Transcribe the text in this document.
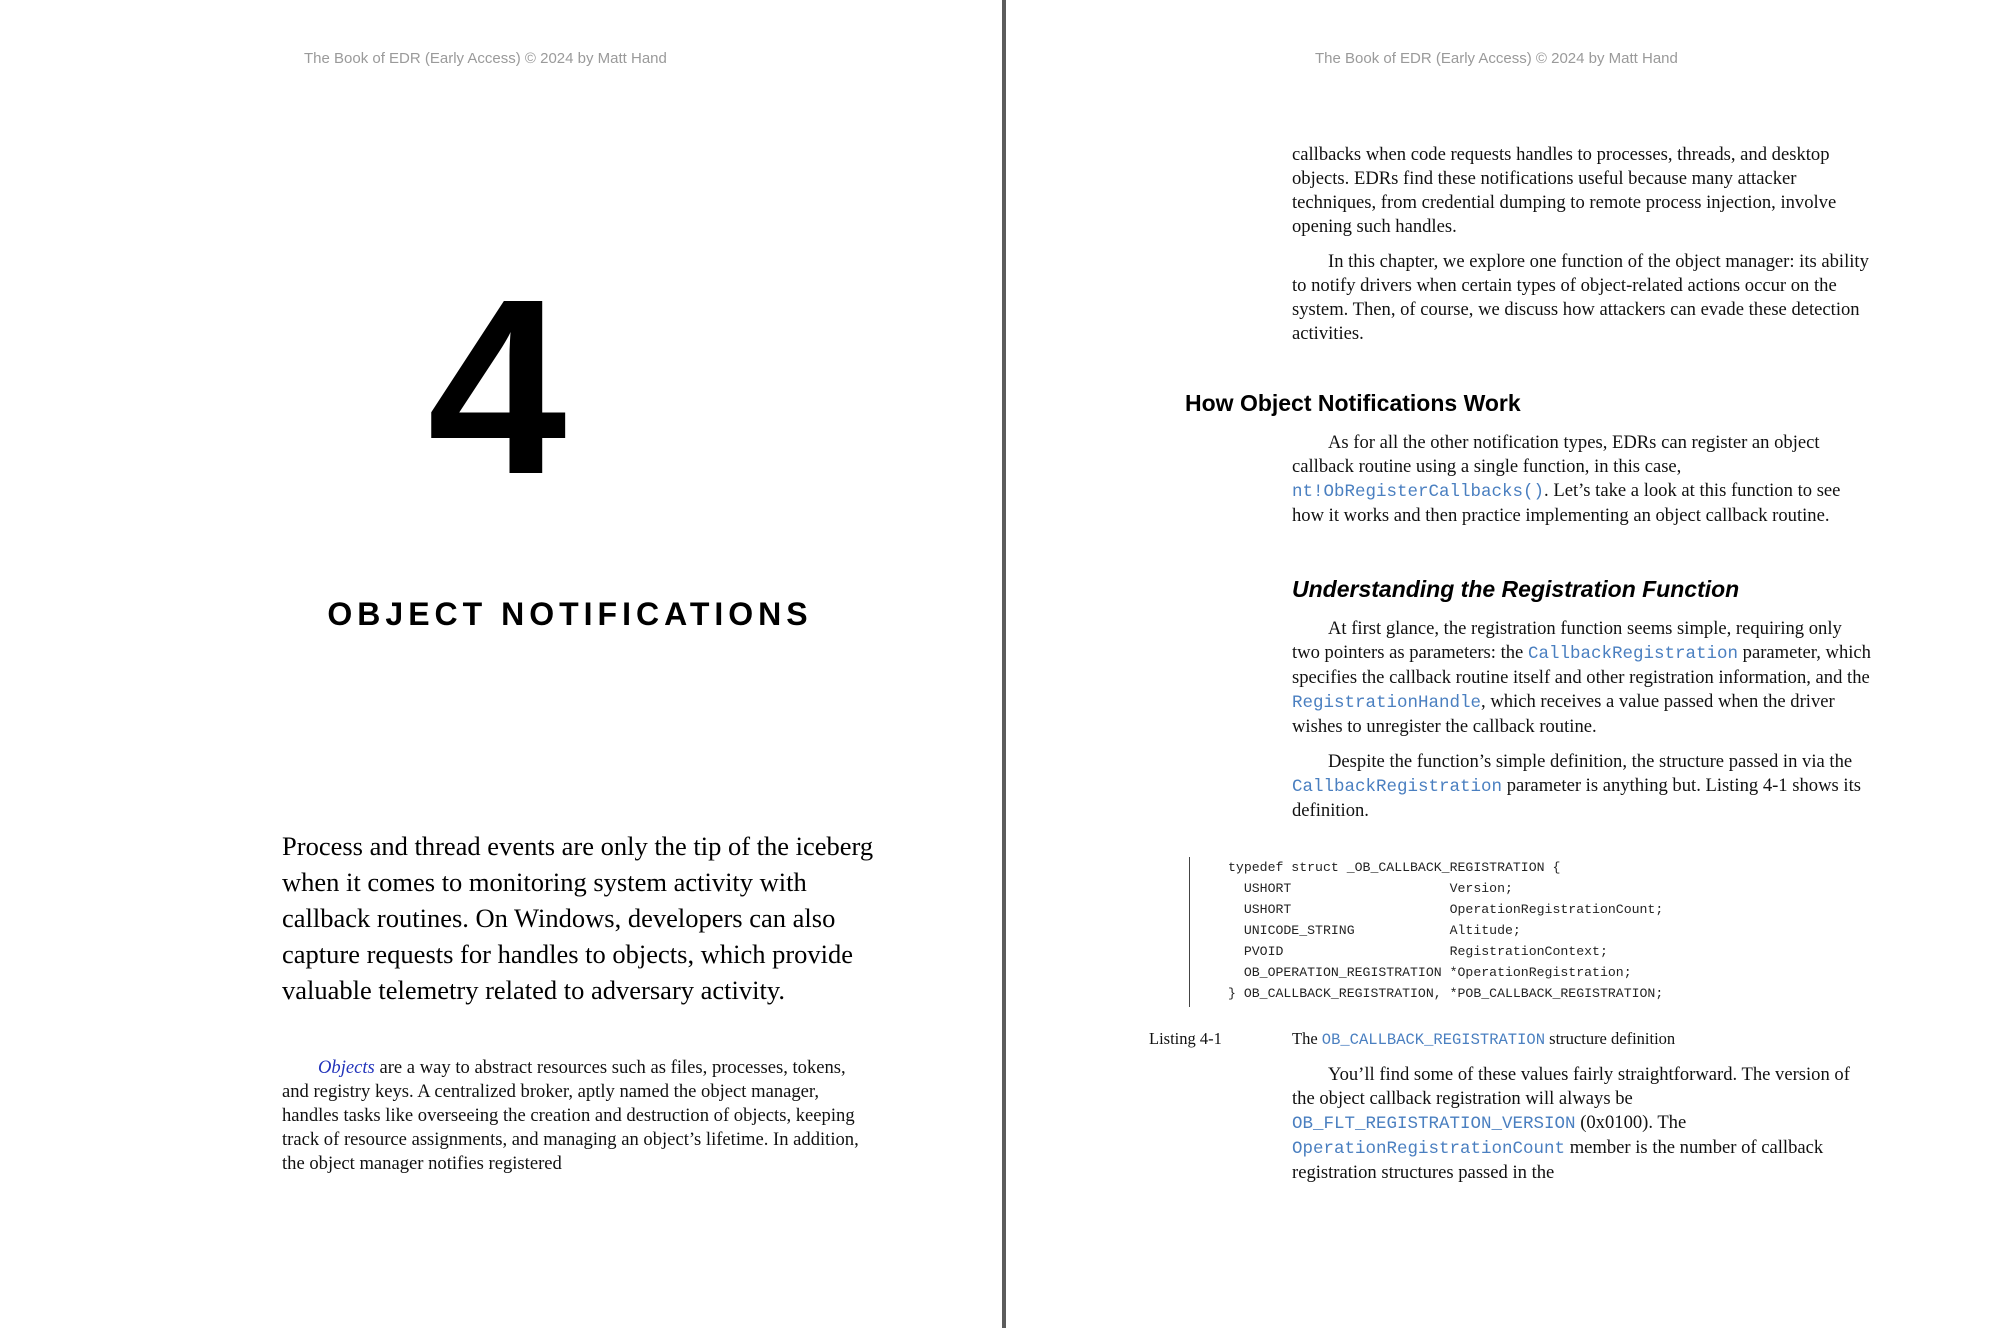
The Book of EDR (Early Access) © 2024 by Matt Hand
4
OBJECT NOTIFICATIONS
Process and thread events are only the tip of the iceberg when it comes to monitoring system activity with callback routines. On Windows, developers can also capture requests for handles to objects, which provide valuable telemetry related to adversary activity.

Objects are a way to abstract resources such as files, processes, tokens, and registry keys. A centralized broker, aptly named the object manager, handles tasks like overseeing the creation and destruction of objects, keeping track of resource assignments, and managing an object’s lifetime. In addition, the object manager notifies registered

The Book of EDR (Early Access) © 2024 by Matt Hand

callbacks when code requests handles to processes, threads, and desktop objects. EDRs find these notifications useful because many attacker techniques, from credential dumping to remote process injection, involve opening such handles.

In this chapter, we explore one function of the object manager: its ability to notify drivers when certain types of object-related actions occur on the system. Then, of course, we discuss how attackers can evade these detection activities.

How Object Notifications Work

As for all the other notification types, EDRs can register an object callback routine using a single function, in this case, nt!ObRegisterCallbacks(). Let’s take a look at this function to see how it works and then practice implementing an object callback routine.

Understanding the Registration Function

At first glance, the registration function seems simple, requiring only two pointers as parameters: the CallbackRegistration parameter, which specifies the callback routine itself and other registration information, and the RegistrationHandle, which receives a value passed when the driver wishes to unregister the callback routine.

Despite the function’s simple definition, the structure passed in via the CallbackRegistration parameter is anything but. Listing 4-1 shows its definition.

typedef struct _OB_CALLBACK_REGISTRATION {
USHORT                    Version;
USHORT                    OperationRegistrationCount;
UNICODE_STRING            Altitude;
PVOID                     RegistrationContext;
OB_OPERATION_REGISTRATION *OperationRegistration;
} OB_CALLBACK_REGISTRATION, *POB_CALLBACK_REGISTRATION;
Listing 4-1	The OB_CALLBACK_REGISTRATION structure definition

You’ll find some of these values fairly straightforward. The version of the object callback registration will always be OB_FLT_REGISTRATION_VERSION (0x0100). The OperationRegistrationCount member is the number of callback registration structures passed in the
